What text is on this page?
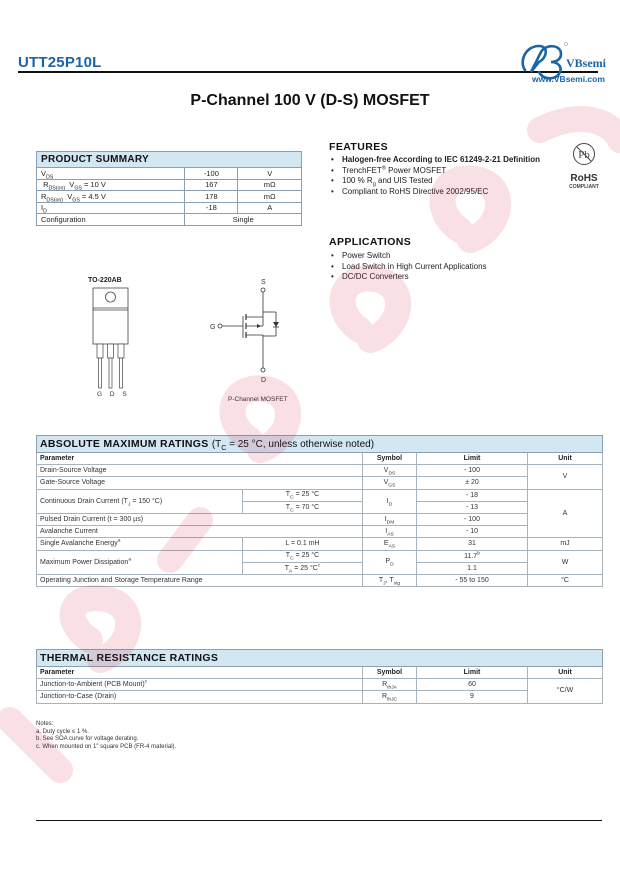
UTT25P10L	VBsemi
www.VBsemi.com
P-Channel 100 V (D-S) MOSFET
PRODUCT SUMMARY		
$V_{DS}$	-100	V
$R_{DS(on)}$  $V_{GS} = 10$ V	167	mΩ
$R_{DS(on)}$  $V_{GS} = 4.5$ V	178	mΩ
$I_D$	-18	A
Configuration	Single	
FEATURES
• Halogen-free According to IEC 61249-2-21 Definition
• TrenchFET® Power MOSFET
• 100 % $R_g$ and UIS Tested
• Compliant to RoHS Directive 2002/95/EC
Pb
RoHS
COMPLIANT
APPLICATIONS
• Power Switch
• Load Switch in High Current Applications
• DC/DC Converters
TO-220AB
G D S
S
G
D
P-Channel MOSFET
ABSOLUTE MAXIMUM RATINGS ($T_C = 25$ °C, unless otherwise noted)				
Parameter		Symbol	Limit	Unit
Drain-Source Voltage		$V_{DS}$	- 100	V
Gate-Source Voltage		$V_{GS}$	± 20	
Continuous Drain Current ($T_J = 150$ °C)	$T_C = 25$ °C	$I_D$	- 18	A
	$T_C = 70$ °C		- 13	
Pulsed Drain Current (t = 300 µs)		$I_{DM}$	- 100	
Avalanche Current		$I_{AS}$	- 10	
Single Avalanche Energy$^a$	L = 0.1 mH	$E_{AS}$	31	mJ
Maximum Power Dissipation$^a$	$T_C = 25$ °C	$P_D$	11.7$^b$	W
	$T_A = 25$ $^\circ C^c$		1.1	
Operating Junction and Storage Temperature Range		$T_J$, $T_{stg}$	- 55 to 150	°C
THERMAL RESISTANCE RATINGS			
Parameter	Symbol	Limit	Unit
Junction-to-Ambient (PCB Mount)$^c$	$R_{thJA}$	60	°C/W
Junction-to-Case (Drain)	$R_{thJC}$	9	
Notes:
a. Duty cycle ≤ 1 %.
b. See SOA curve for voltage derating.
c. When mounted on 1" square PCB (FR-4 material).
